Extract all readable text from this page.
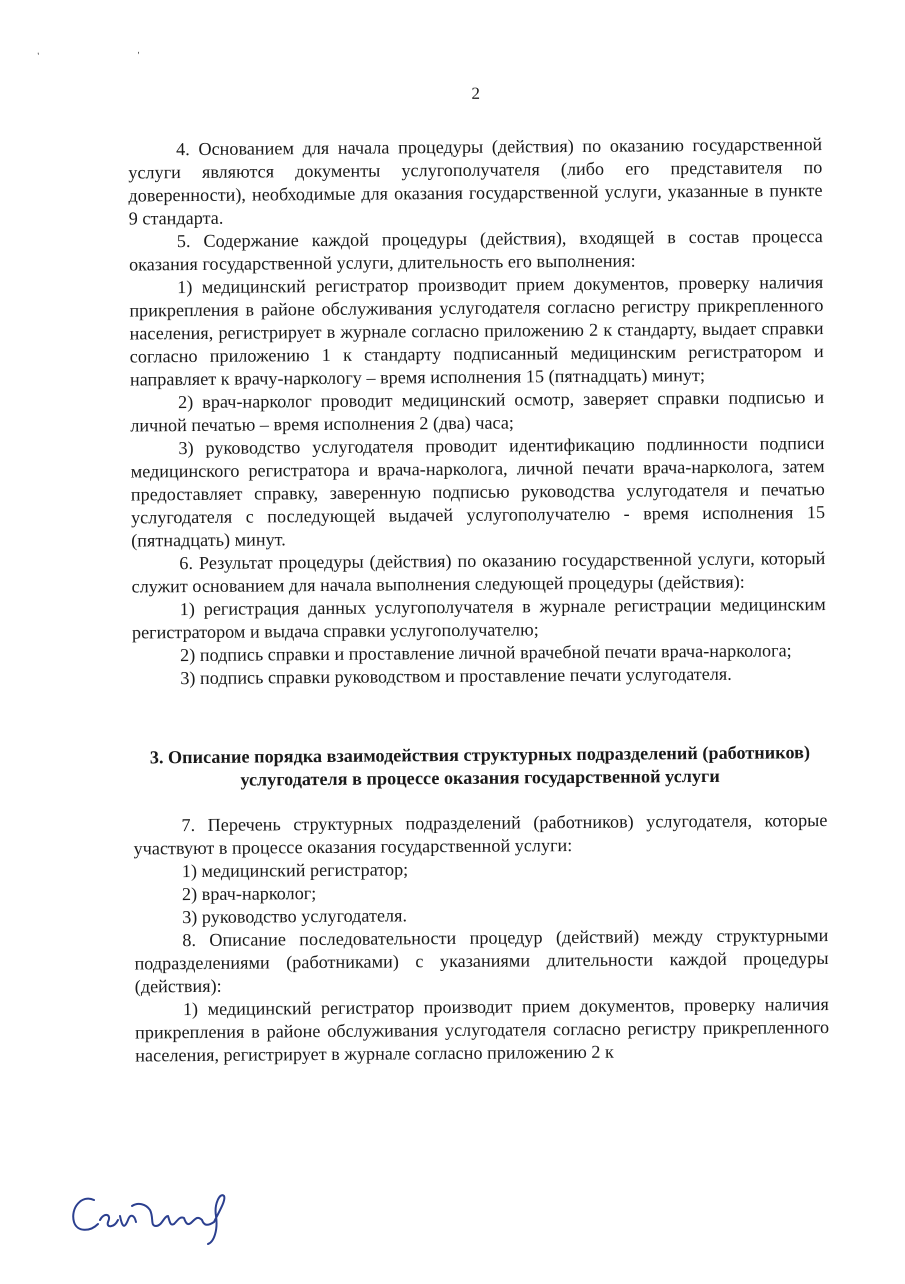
' '
2

4. Основанием для начала процедуры (действия) по оказанию государственной услуги являются документы услугополучателя (либо его представителя по доверенности), необходимые для оказания государственной услуги, указанные в пункте 9 стандарта.

5. Содержание каждой процедуры (действия), входящей в состав процесса оказания государственной услуги, длительность его выполнения:

1) медицинский регистратор производит прием документов, проверку наличия прикрепления в районе обслуживания услугодателя согласно регистру прикрепленного населения, регистрирует в журнале согласно приложению 2 к стандарту, выдает справки согласно приложению 1 к стандарту подписанный медицинским регистратором и направляет к врачу-наркологу – время исполнения 15 (пятнадцать) минут;

2) врач-нарколог проводит медицинский осмотр, заверяет справки подписью и личной печатью – время исполнения 2 (два) часа;

3) руководство услугодателя проводит идентификацию подлинности подписи медицинского регистратора и врача-нарколога, личной печати врача-нарколога, затем предоставляет справку, заверенную подписью руководства услугодателя и печатью услугодателя с последующей выдачей услугополучателю - время исполнения 15 (пятнадцать) минут.

6. Результат процедуры (действия) по оказанию государственной услуги, который служит основанием для начала выполнения следующей процедуры (действия):

1) регистрация данных услугополучателя в журнале регистрации медицинским регистратором и выдача справки услугополучателю;

2) подпись справки и проставление личной врачебной печати врача-нарколога;

3) подпись справки руководством и проставление печати услугодателя.

3. Описание порядка взаимодействия структурных подразделений (работников) услугодателя в процессе оказания государственной услуги

7. Перечень структурных подразделений (работников) услугодателя, которые участвуют в процессе оказания государственной услуги:

1) медицинский регистратор;

2) врач-нарколог;

3) руководство услугодателя.

8. Описание последовательности процедур (действий) между структурными подразделениями (работниками) с указаниями длительности каждой процедуры (действия):

1) медицинский регистратор производит прием документов, проверку наличия прикрепления в районе обслуживания услугодателя согласно регистру прикрепленного населения, регистрирует в журнале согласно приложению 2 к
